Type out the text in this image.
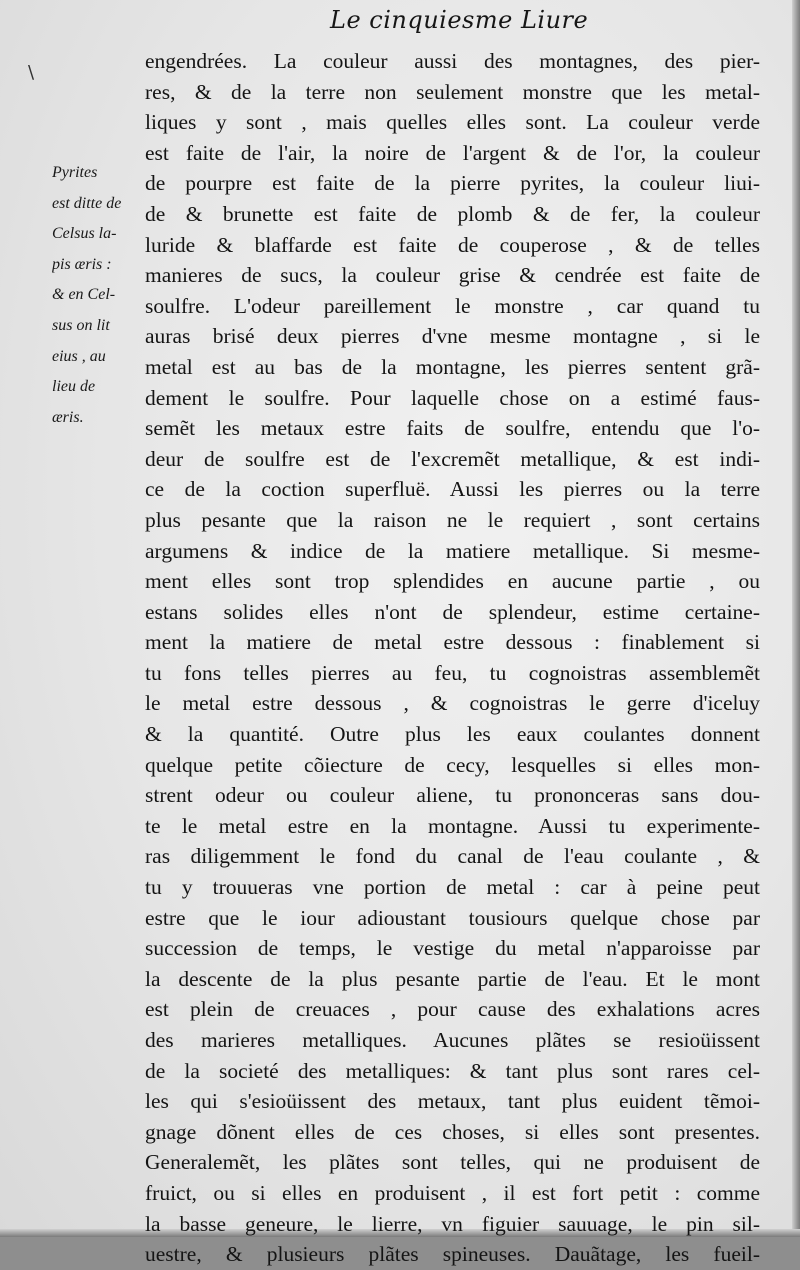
\
Le cinquiesme Liure
Pyrites
est ditte de
Celsus la-
pis æris :
& en Cel-
sus on lit
eius , au
lieu de
æris.
engendrées. La couleur aussi des montagnes, des pier-
res, & de la terre non seulement monstre que les metal-
liques y sont , mais quelles elles sont. La couleur verde
est faite de l'air, la noire de l'argent & de l'or, la couleur
de pourpre est faite de la pierre pyrites, la couleur liui-
de & brunette est faite de plomb & de fer, la couleur
luride & blaffarde est faite de couperose , & de telles
manieres de sucs, la couleur grise & cendrée est faite de
soulfre. L'odeur pareillement le monstre , car quand tu
auras brisé deux pierres d'vne mesme montagne , si le
metal est au bas de la montagne, les pierres sentent grã-
dement le soulfre. Pour laquelle chose on a estimé faus-
semẽt les metaux estre faits de soulfre, entendu que l'o-
deur de soulfre est de l'excremẽt metallique, & est indi-
ce de la coction superfluë. Aussi les pierres ou la terre
plus pesante que la raison ne le requiert , sont certains
argumens & indice de la matiere metallique. Si mesme-
ment elles sont trop splendides en aucune partie , ou
estans solides elles n'ont de splendeur, estime certaine-
ment la matiere de metal estre dessous : finablement si
tu fons telles pierres au feu, tu cognoistras assemblemẽt
le metal estre dessous , & cognoistras le gerre d'iceluy
& la quantité. Outre plus les eaux coulantes donnent
quelque petite cõiecture de cecy, lesquelles si elles mon-
strent odeur ou couleur aliene, tu prononceras sans dou-
te le metal estre en la montagne. Aussi tu experimente-
ras diligemment le fond du canal de l'eau coulante , &
tu y trouueras vne portion de metal : car à peine peut
estre que le iour adioustant tousiours quelque chose par
succession de temps, le vestige du metal n'apparoisse par
la descente de la plus pesante partie de l'eau. Et le mont
est plein de creuaces , pour cause des exhalations acres
des marieres metalliques. Aucunes plãtes se resioüissent
de la societé des metalliques: & tant plus sont rares cel-
les qui s'esioüissent des metaux, tant plus euident tẽmoi-
gnage dõnent elles de ces choses, si elles sont presentes.
Generalemẽt, les plãtes sont telles, qui ne produisent de
fruict, ou si elles en produisent , il est fort petit : comme
la basse geneure, le lierre, vn figuier sauuage, le pin sil-
uestre, & plusieurs plãtes spineuses. Dauãtage, les fueil-
